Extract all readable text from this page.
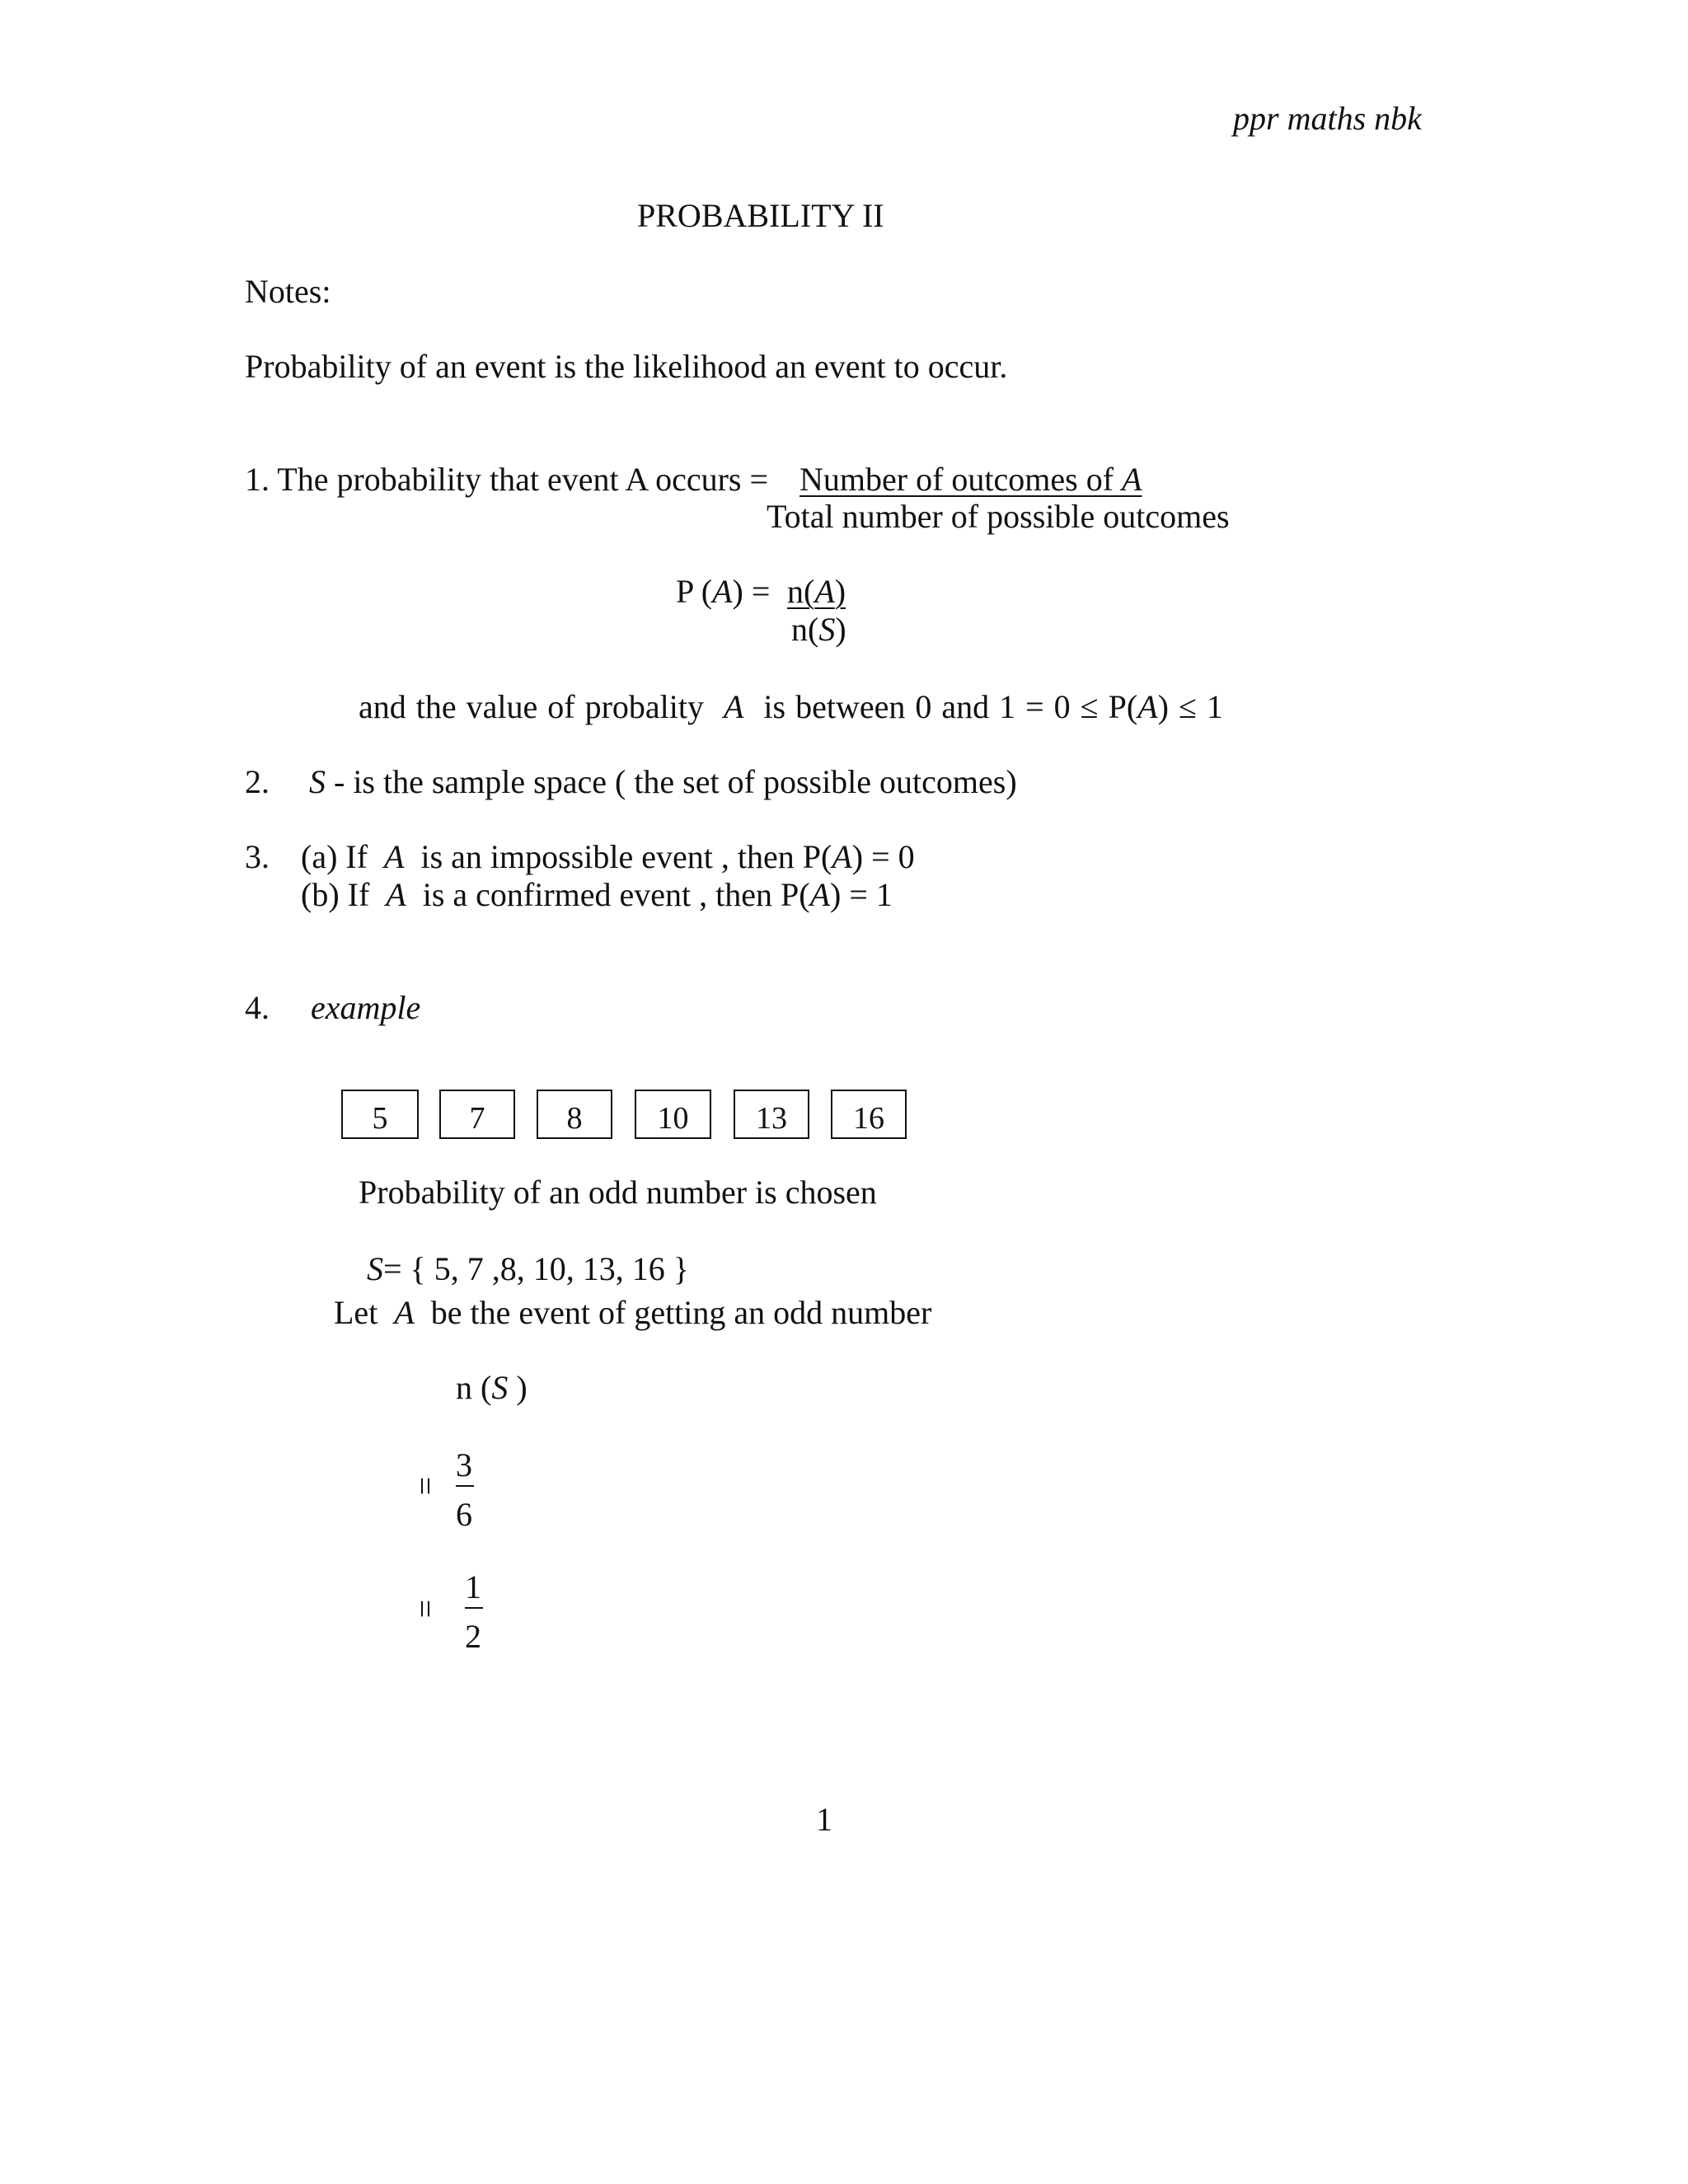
ppr maths nbk
PROBABILITY II
Notes:
Probability of an event is the likelihood an event to occur.
1. The probability that event A occurs = Number of outcomes of A
Total number of possible outcomes
P (A) = n(A)
n(S)
and the value of probality A is between 0 and 1 = 0 ≤ P(A) ≤ 1
2. S - is the sample space ( the set of possible outcomes)
3. (a) If A is an impossible event , then P(A) = 0
(b) If A is a confirmed event , then P(A) = 1
4. example
5	7	8	10	13	16
Probability of an odd number is chosen
S= { 5, 7 ,8, 10, 13, 16 }
Let A be the event of getting an odd number
n (S )
=
3
6
=
1
2
1
